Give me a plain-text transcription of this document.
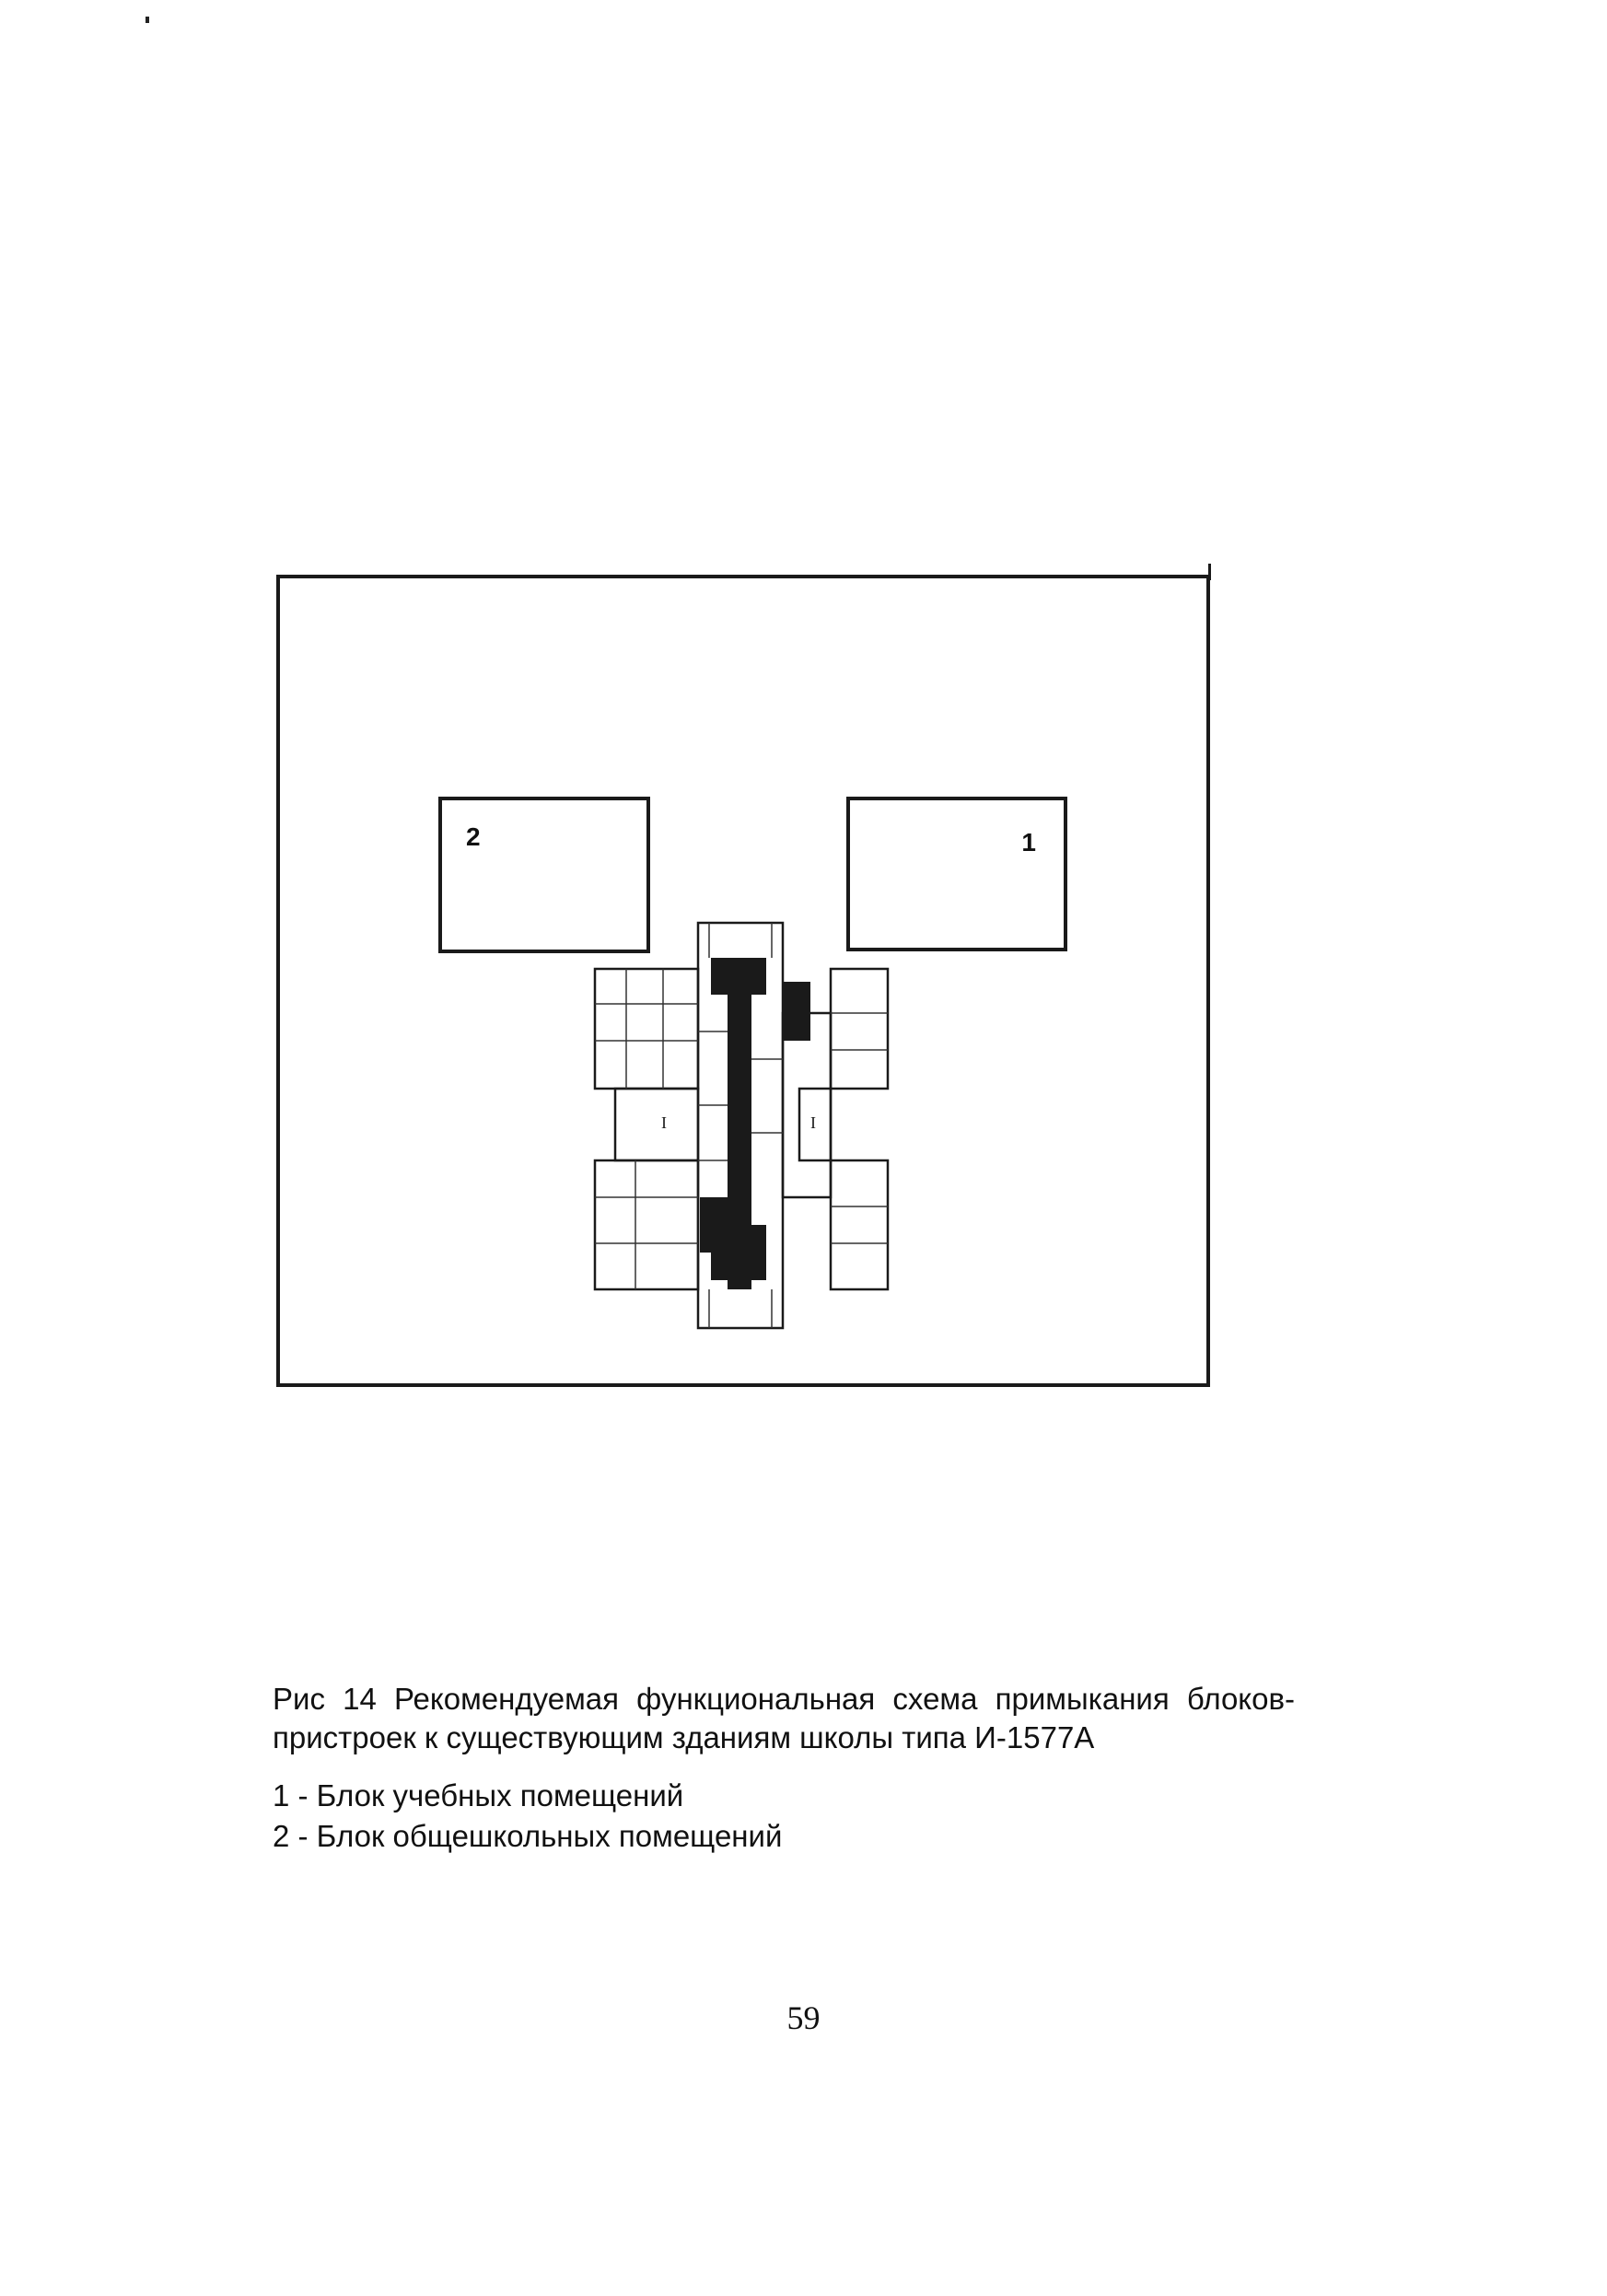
2	1
I	I
Рис 14 Рекомендуемая функциональная схема примыкания блоков-пристроек к существующим зданиям школы типа И-1577А
1 - Блок учебных помещений
2 - Блок общешкольных помещений
59
